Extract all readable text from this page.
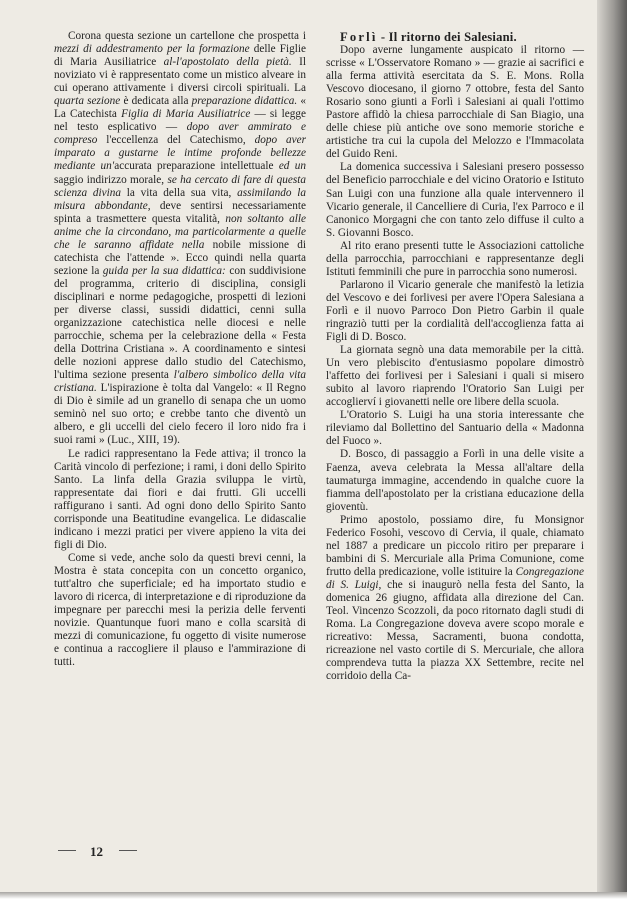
Corona questa sezione un cartellone che prospetta i mezzi di addestramento per la formazione delle Figlie di Maria Ausiliatrice al-l'apostolato della pietà. Il noviziato vi è rappresentato come un mistico alveare in cui operano attivamente i diversi circoli spirituali. La quarta sezione è dedicata alla preparazione didattica. « La Catechista Figlia di Maria Ausiliatrice — si legge nel testo esplicativo — dopo aver ammirato e compreso l'eccellenza del Catechismo, dopo aver imparato a gustarne le intime profonde bellezze mediante un'accurata preparazione intellettuale ed un saggio indirizzo morale, se ha cercato di fare di questa scienza divina la vita della sua vita, assimilando la misura abbondante, deve sentirsi necessariamente spinta a trasmettere questa vitalità, non soltanto alle anime che la circondano, ma particolarmente a quelle che le saranno affidate nella nobile missione di catechista che l'attende ». Ecco quindi nella quarta sezione la guida per la sua didattica: con suddivisione del programma, criterio di disciplina, consigli disciplinari e norme pedagogiche, prospetti di lezioni per diverse classi, sussidi didattici, cenni sulla organizzazione catechistica nelle diocesi e nelle parrocchie, schema per la celebrazione della « Festa della Dottrina Cristiana ». A coordinamento e sintesi delle nozioni apprese dallo studio del Catechismo, l'ultima sezione presenta l'albero simbolico della vita cristiana. L'ispirazione è tolta dal Vangelo: « Il Regno di Dio è simile ad un granello di senapa che un uomo seminò nel suo orto; e crebbe tanto che diventò un albero, e gli uccelli del cielo fecero il loro nido fra i suoi rami » (Luc., XIII, 19).

Le radici rappresentano la Fede attiva; il tronco la Carità vincolo di perfezione; i rami, i doni dello Spirito Santo. La linfa della Grazia sviluppa le virtù, rappresentate dai fiori e dai frutti. Gli uccelli raffigurano i santi. Ad ogni dono dello Spirito Santo corrisponde una Beatitudine evangelica. Le didascalie indicano i mezzi pratici per vivere appieno la vita dei figli di Dio.

Come si vede, anche solo da questi brevi cenni, la Mostra è stata concepita con un concetto organico, tutt'altro che superficiale; ed ha importato studio e lavoro di ricerca, di interpretazione e di riproduzione da impegnare per parecchi mesi la perizia delle ferventi novizie. Quantunque fuori mano e colla scarsità di mezzi di comunicazione, fu oggetto di visite numerose e continua a raccogliere il plauso e l'ammirazione di tutti.

Forlì - Il ritorno dei Salesiani.

Dopo averne lungamente auspicato il ritorno — scrisse « L'Osservatore Romano » — grazie ai sacrifici e alla ferma attività esercitata da S. E. Mons. Rolla Vescovo diocesano, il giorno 7 ottobre, festa del Santo Rosario sono giunti a Forlì i Salesiani ai quali l'ottimo Pastore affidò la chiesa parrocchiale di San Biagio, una delle chiese più antiche ove sono memorie storiche e artistiche tra cui la cupola del Melozzo e l'Immacolata del Guido Reni.

La domenica successiva i Salesiani presero possesso del Beneficio parrocchiale e del vicino Oratorio e Istituto San Luigi con una funzione alla quale intervennero il Vicario generale, il Cancelliere di Curia, l'ex Parroco e il Canonico Morgagni che con tanto zelo diffuse il culto a S. Giovanni Bosco.

Al rito erano presenti tutte le Associazioni cattoliche della parrocchia, parrocchiani e rappresentanze degli Istituti femminili che pure in parrocchia sono numerosi.

Parlarono il Vicario generale che manifestò la letizia del Vescovo e dei forlivesi per avere l'Opera Salesiana a Forlì e il nuovo Parroco Don Pietro Garbin il quale ringraziò tutti per la cordialità dell'accoglienza fatta ai Figli di D. Bosco.

La giornata segnò una data memorabile per la città. Un vero plebiscito d'entusiasmo popolare dimostrò l'affetto dei forlivesi per i Salesiani i quali si misero subito al lavoro riaprendo l'Oratorio San Luigi per accoglierví i giovanetti nelle ore libere della scuola.

L'Oratorio S. Luigi ha una storia interessante che rileviamo dal Bollettino del Santuario della « Madonna del Fuoco ».

D. Bosco, di passaggio a Forlì in una delle visite a Faenza, aveva celebrata la Messa all'altare della taumaturga immagine, accendendo in qualche cuore la fiamma dell'apostolato per la cristiana educazione della gioventù.

Primo apostolo, possiamo dire, fu Monsignor Federico Fosohi, vescovo di Cervia, il quale, chiamato nel 1887 a predicare un piccolo ritiro per preparare i bambini di S. Mercuriale alla Prima Comunione, come frutto della predicazione, volle istituire la Congregazione di S. Luigi, che si inaugurò nella festa del Santo, la domenica 26 giugno, affidata alla direzione del Can. Teol. Vincenzo Scozzoli, da poco ritornato dagli studi di Roma. La Congregazione doveva avere scopo morale e ricreativo: Messa, Sacramenti, buona condotta, ricreazione nel vasto cortile di S. Mercuriale, che allora comprendeva tutta la piazza XX Settembre, recite nel corridoio della Ca-

12
